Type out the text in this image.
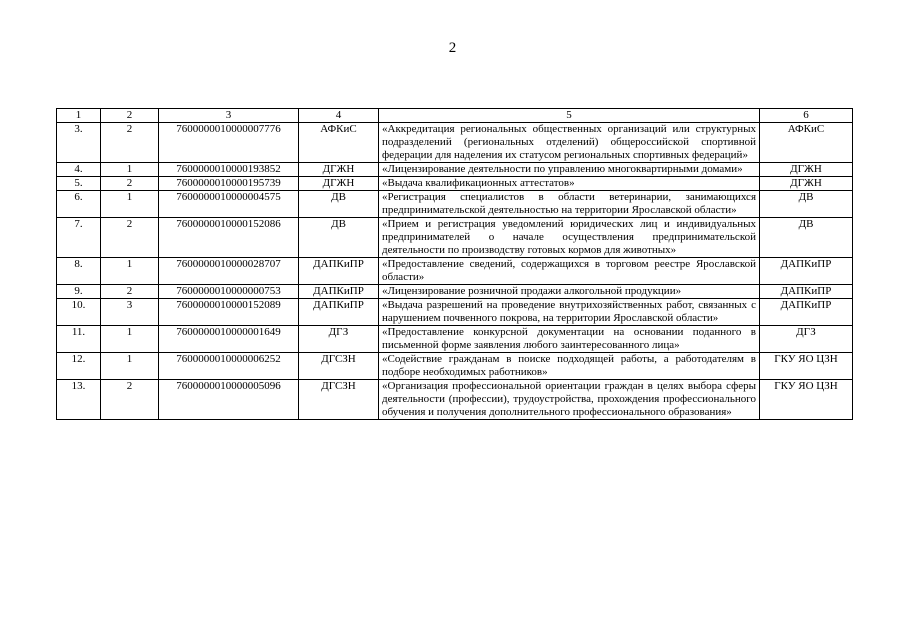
2
1	2	3	4	5	6
3.	2	7600000010000007776	АФКиС	«Аккредитация региональных общественных организаций или структурных подразделений (региональных отделений) общероссийской спортивной федерации для наделения их статусом региональных спортивных федераций»	АФКиС
4.	1	7600000010000193852	ДГЖН	«Лицензирование деятельности по управлению многоквартирными домами»	ДГЖН
5.	2	7600000010000195739	ДГЖН	«Выдача квалификационных аттестатов»	ДГЖН
6.	1	7600000010000004575	ДВ	«Регистрация специалистов в области ветеринарии, занимающихся предпринимательской деятельностью на территории Ярославской области»	ДВ
7.	2	7600000010000152086	ДВ	«Прием и регистрация уведомлений юридических лиц и индивидуальных предпринимателей о начале осуществления предпринимательской деятельности по производству готовых кормов для животных»	ДВ
8.	1	7600000010000028707	ДАПКиПР	«Предоставление сведений, содержащихся в торговом реестре Ярославской области»	ДАПКиПР
9.	2	7600000010000000753	ДАПКиПР	«Лицензирование розничной продажи алкогольной продукции»	ДАПКиПР
10.	3	7600000010000152089	ДАПКиПР	«Выдача разрешений на проведение внутрихозяйственных работ, связанных с нарушением почвенного покрова, на территории Ярославской области»	ДАПКиПР
11.	1	7600000010000001649	ДГЗ	«Предоставление конкурсной документации на основании поданного в письменной форме заявления любого заинтересованного лица»	ДГЗ
12.	1	7600000010000006252	ДГСЗН	«Содействие гражданам в поиске подходящей работы, а работодателям в подборе необходимых работников»	ГКУ ЯО ЦЗН
13.	2	7600000010000005096	ДГСЗН	«Организация профессиональной ориентации граждан в целях выбора сферы деятельности (профессии), трудоустройства, прохождения профессионального обучения и получения дополнительного профессионального образования»	ГКУ ЯО ЦЗН
